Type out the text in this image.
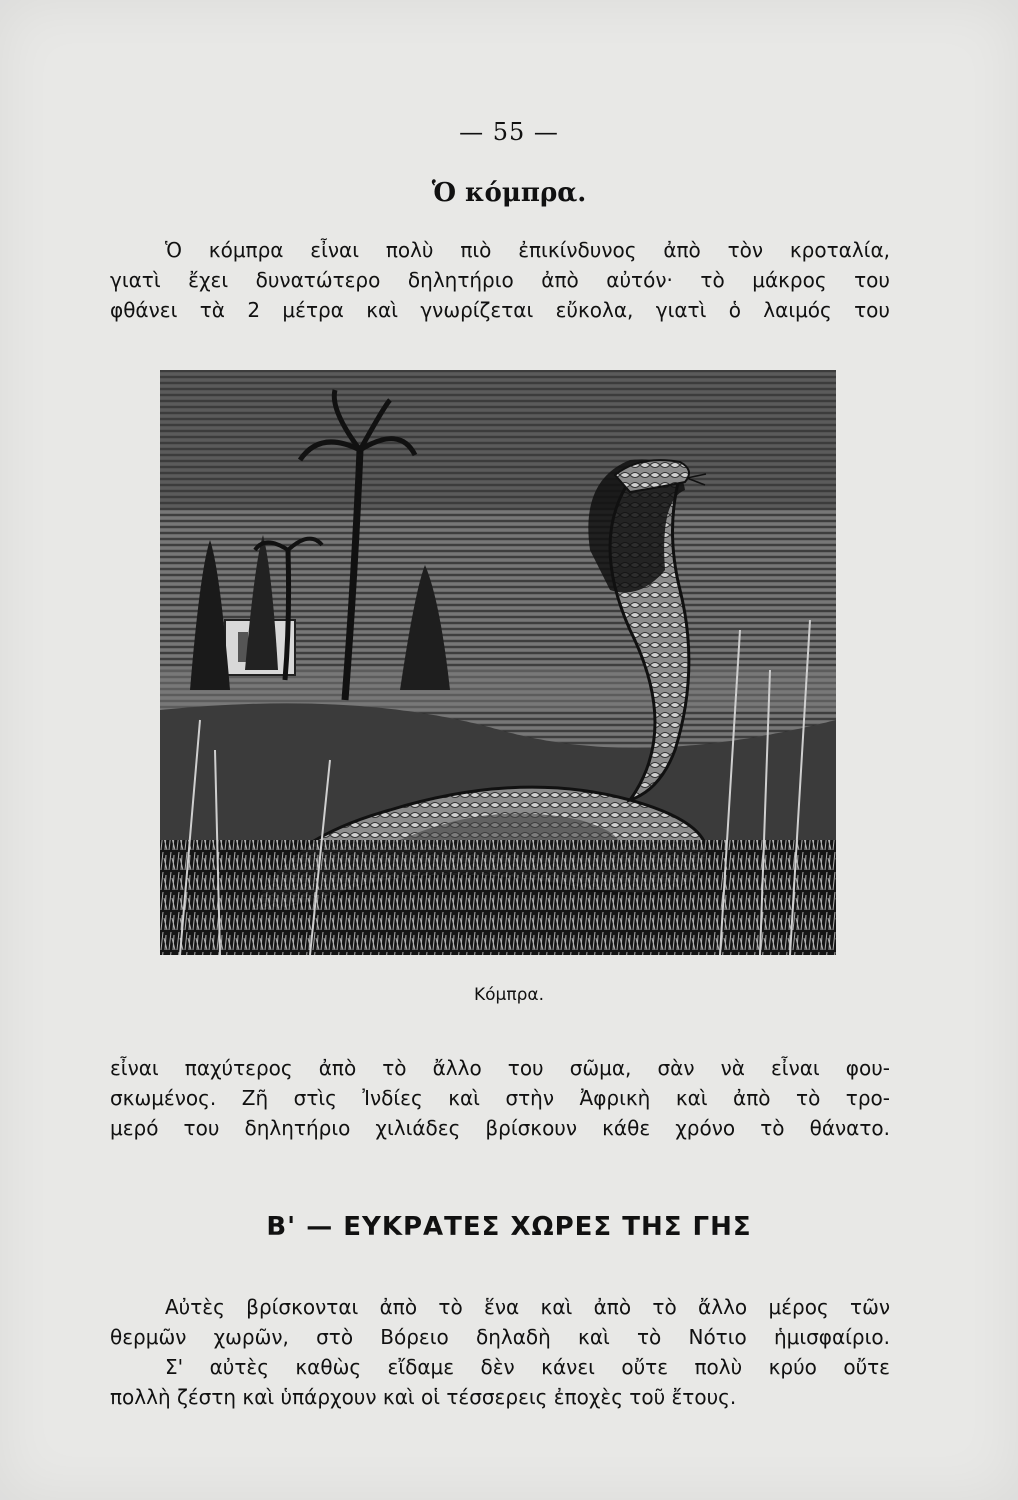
— 55 —
Ὁ κόμπρα.
Ὁ κόμπρα εἶναι πολὺ πιὸ ἐπικίνδυνος ἀπὸ τὸν κροταλία,
γιατὶ ἔχει δυνατώτερο δηλητήριο ἀπὸ αὐτόν· τὸ μάκρος του
φθάνει τὰ 2 μέτρα καὶ γνωρίζεται εὔκολα, γιατὶ ὁ λαιμός του
Κόμπρα.
εἶναι παχύτερος ἀπὸ τὸ ἄλλο του σῶμα, σὰν νὰ εἶναι φου-
σκωμένος. Ζῆ στὶς Ἰνδίες καὶ στὴν Ἀφρικὴ καὶ ἀπὸ τὸ τρο-
μερό του δηλητήριο χιλιάδες βρίσκουν κάθε χρόνο τὸ θάνατο.
Β' — ΕΥΚΡΑΤΕΣ ΧΩΡΕΣ ΤΗΣ ΓΗΣ
Αὐτὲς βρίσκονται ἀπὸ τὸ ἕνα καὶ ἀπὸ τὸ ἄλλο μέρος τῶν
θερμῶν χωρῶν, στὸ Βόρειο δηλαδὴ καὶ τὸ Νότιο ἡμισφαίριο.
Σ' αὐτὲς καθὼς εἴδαμε δὲν κάνει οὔτε πολὺ κρύο οὔτε
πολλὴ ζέστη καὶ ὑπάρχουν καὶ οἱ τέσσερεις ἐποχὲς τοῦ ἔτους.
